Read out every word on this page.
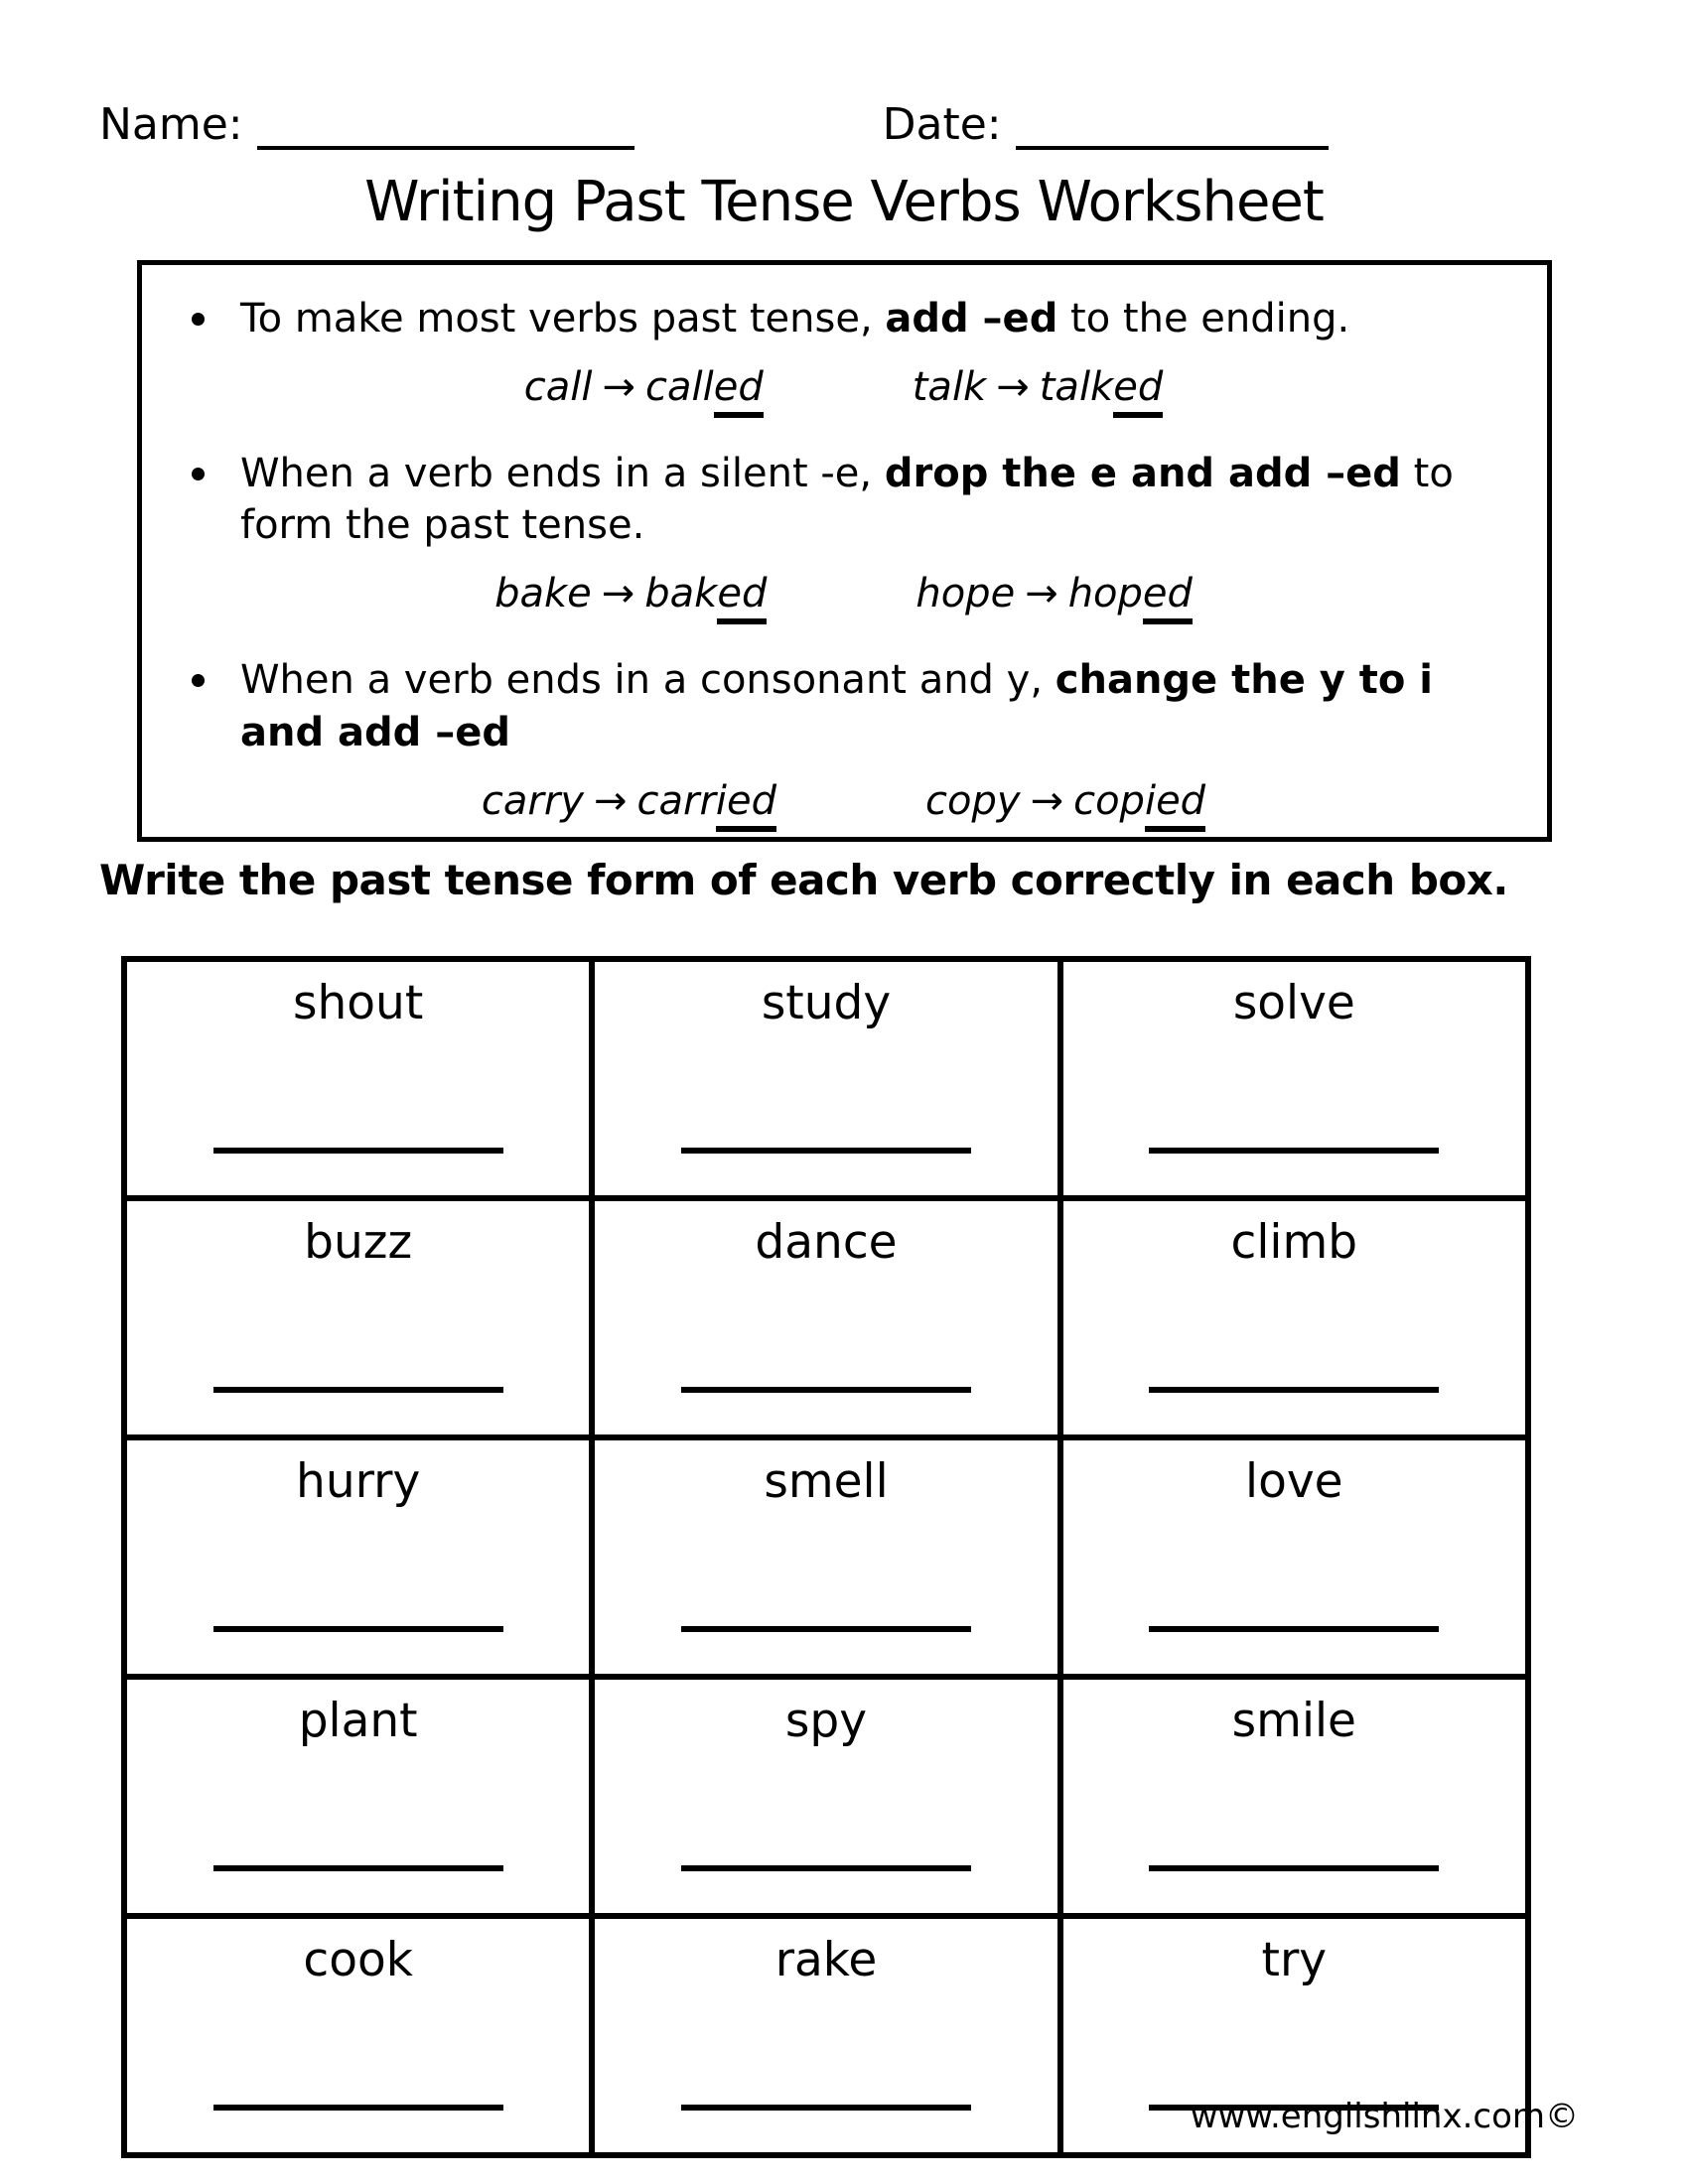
Name:	Date:
Writing Past Tense Verbs Worksheet
To make most verbs past tense, add –ed to the ending.
call → called	talk → talked
When a verb ends in a silent -e, drop the e and add –ed to form the past tense.
bake → baked	hope → hoped
When a verb ends in a consonant and y, change the y to i and add –ed
carry → carried	copy → copied
Write the past tense form of each verb correctly in each box.
shout	study	solve
buzz	dance	climb
hurry	smell	love
plant	spy	smile
cook	rake	try
www.englishlinx.com©
